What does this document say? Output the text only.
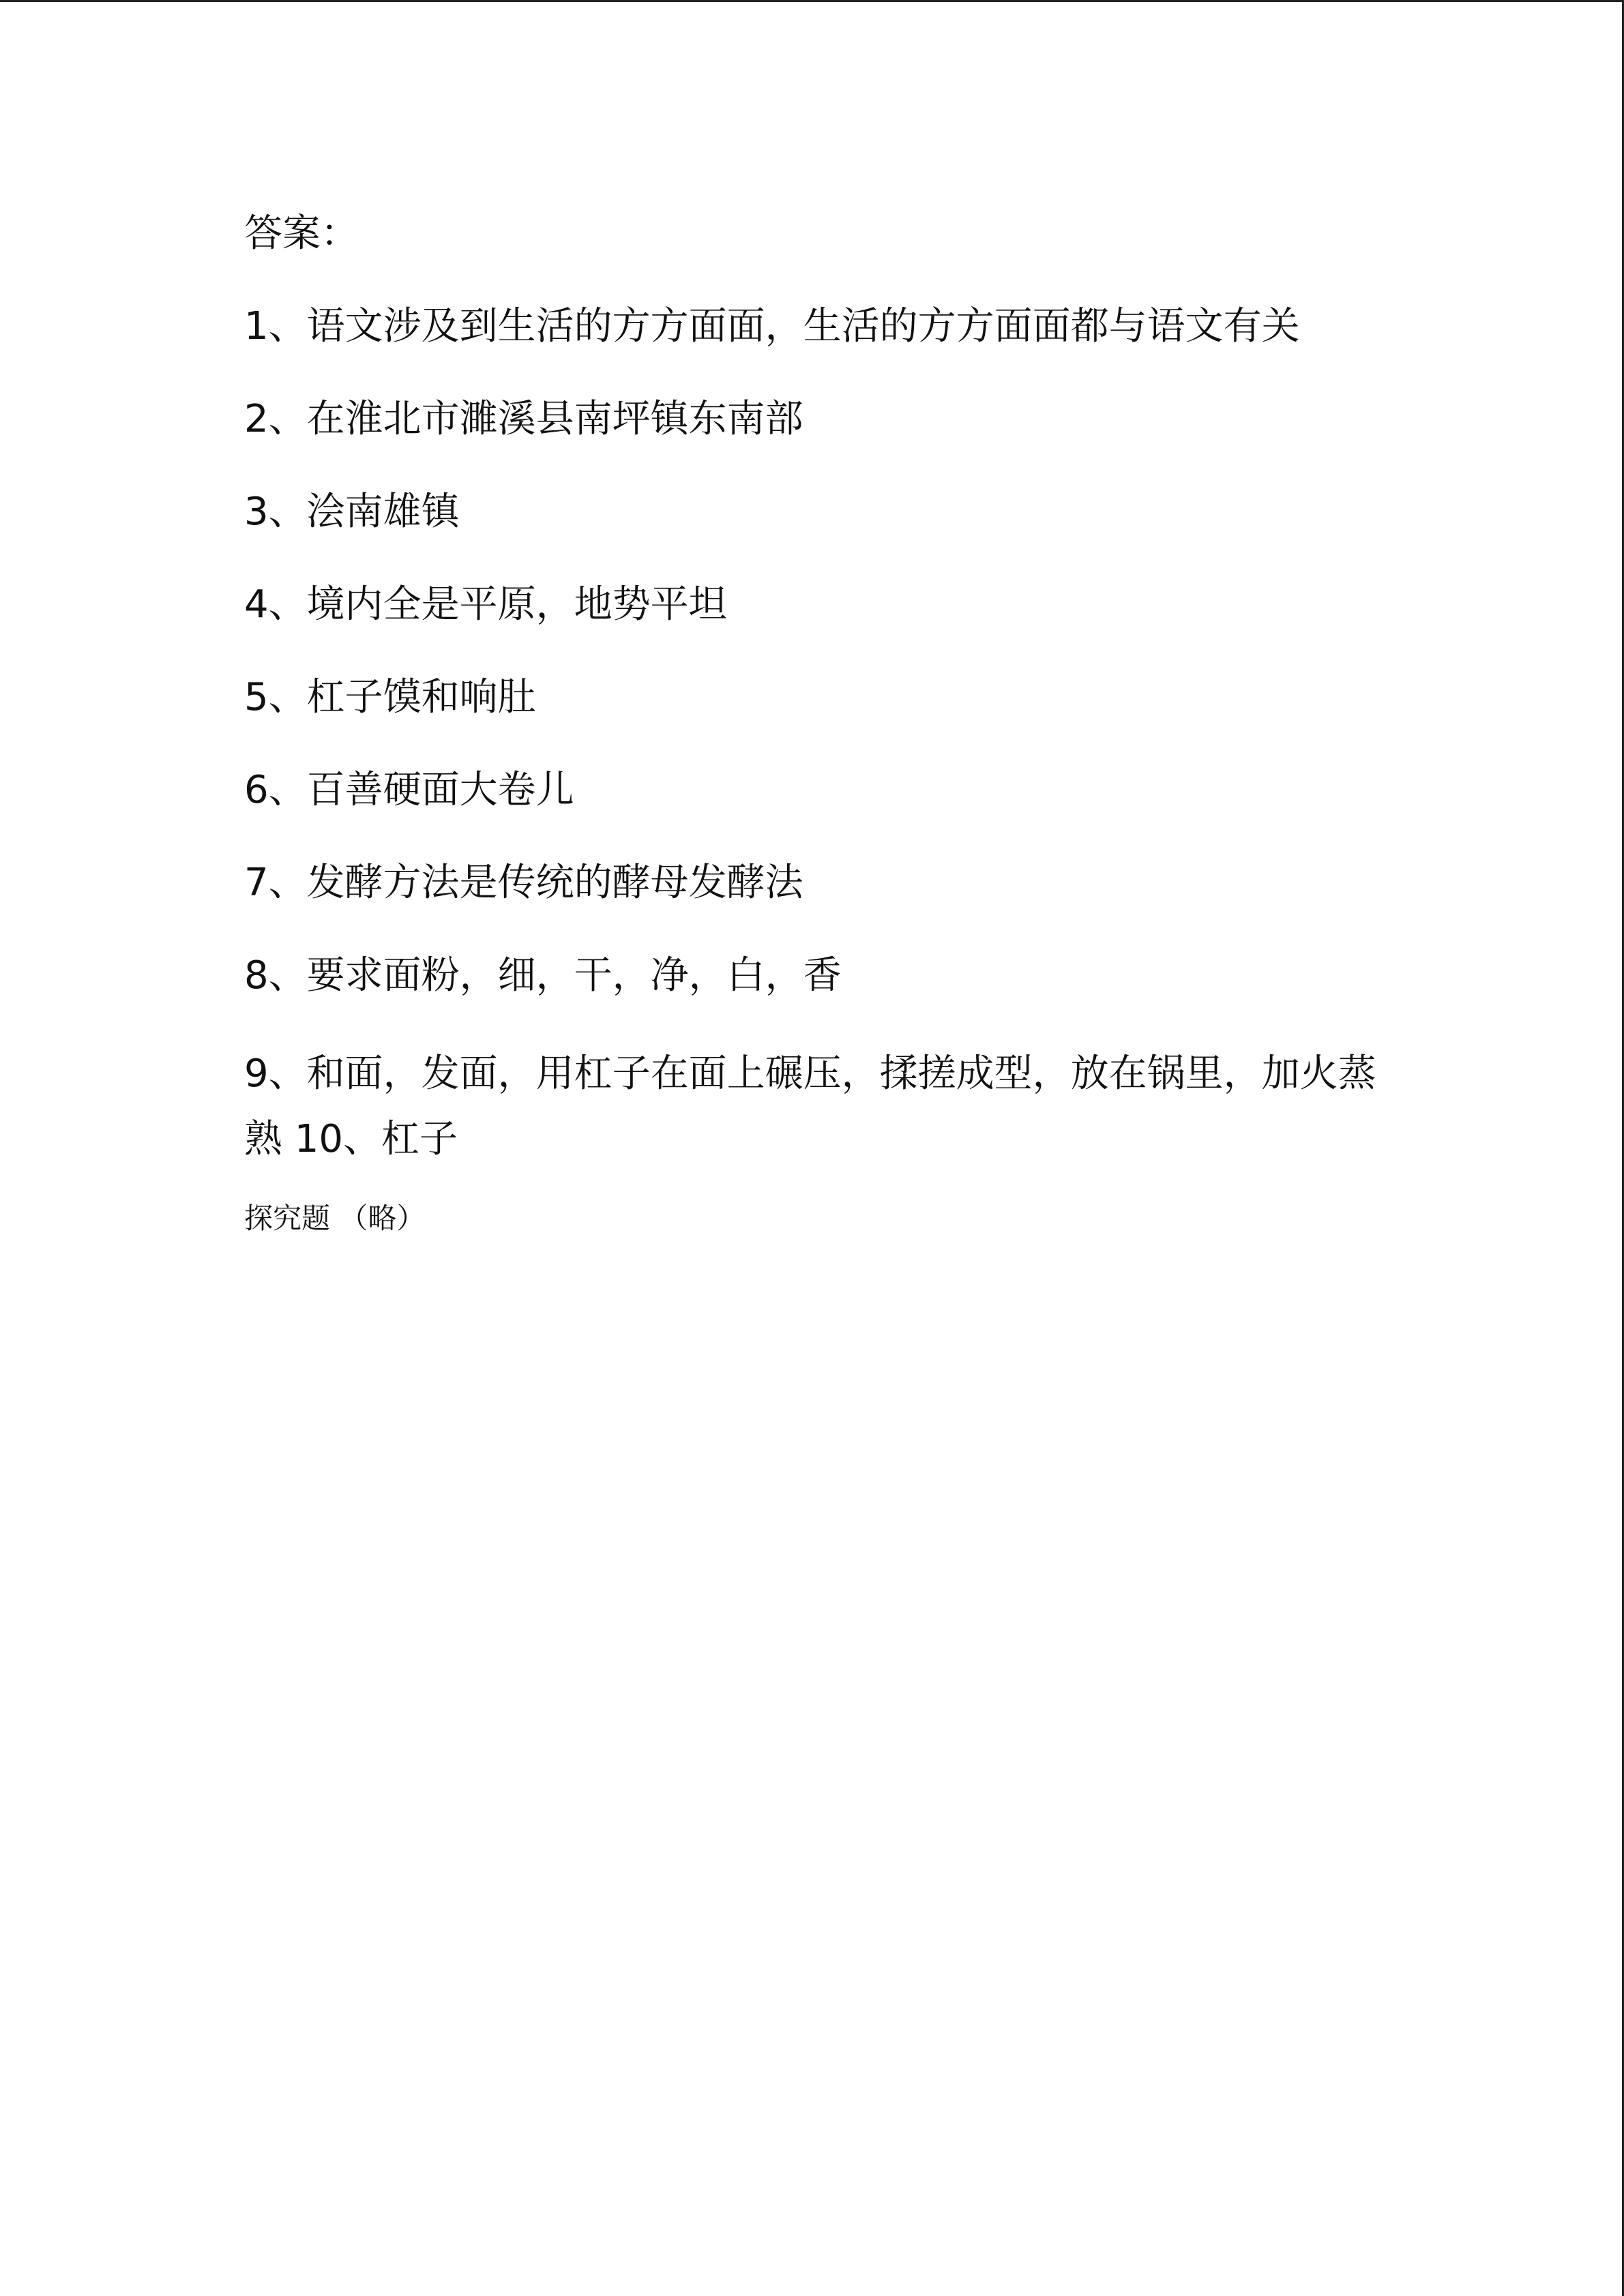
答案：
1、语文涉及到生活的方方面面，生活的方方面面都与语文有关
2、在淮北市濉溪县南坪镇东南部
3、浍南雄镇
4、境内全是平原，地势平坦
5、杠子馍和响肚
6、百善硬面大卷儿
7、发酵方法是传统的酵母发酵法
8、要求面粉，细，干，净，白，香
9、和面，发面，用杠子在面上碾压，揉搓成型，放在锅里，加火蒸熟 10、杠子
探究题 （略）
